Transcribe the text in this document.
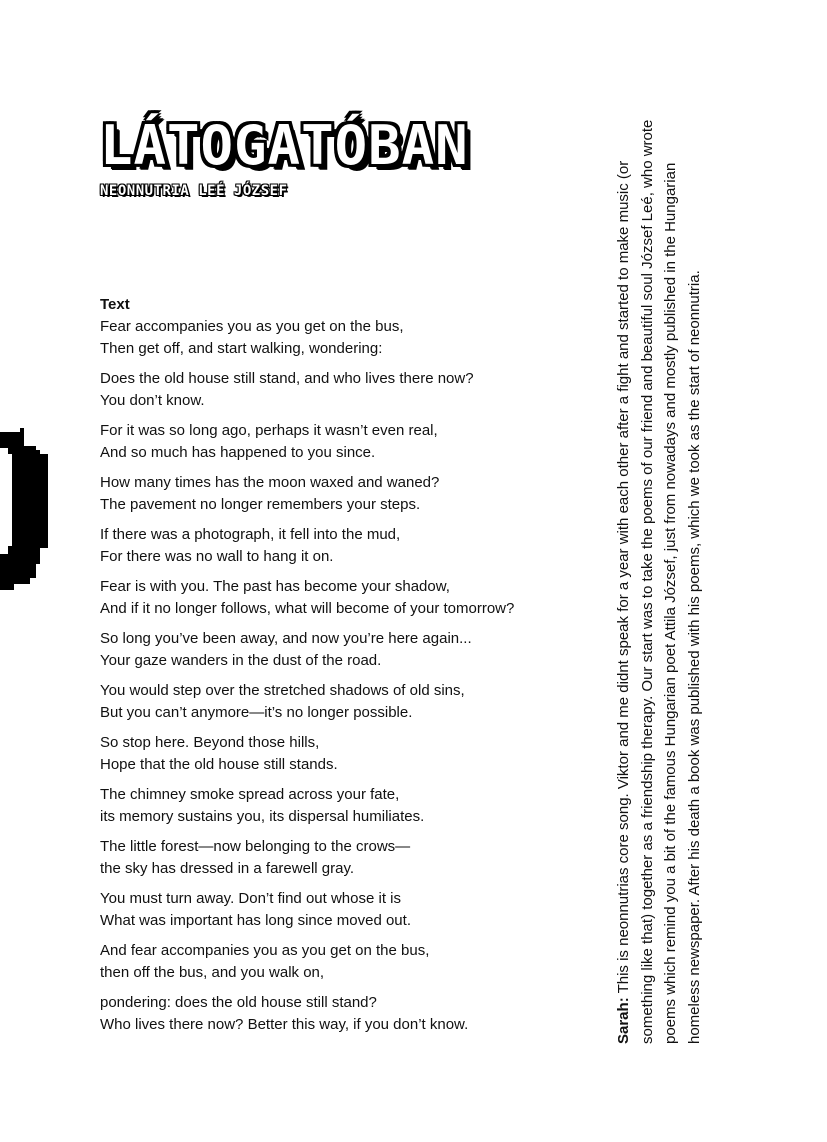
LÁTOGATÓBAN
NEONNUTRIA LEÉ JÓZSEF
Text
Fear accompanies you as you get on the bus,
Then get off, and start walking, wondering:
Does the old house still stand, and who lives there now?
You don’t know.
For it was so long ago, perhaps it wasn’t even real,
And so much has happened to you since.
How many times has the moon waxed and waned?
The pavement no longer remembers your steps.
If there was a photograph, it fell into the mud,
For there was no wall to hang it on.
Fear is with you. The past has become your shadow,
And if it no longer follows, what will become of your tomorrow?
So long you’ve been away, and now you’re here again...
Your gaze wanders in the dust of the road.
You would step over the stretched shadows of old sins,
But you can’t anymore—it’s no longer possible.
So stop here. Beyond those hills,
Hope that the old house still stands.
The chimney smoke spread across your fate,
its memory sustains you, its dispersal humiliates.
The little forest—now belonging to the crows—
the sky has dressed in a farewell gray.
You must turn away. Don’t find out whose it is
What was important has long since moved out.
And fear accompanies you as you get on the bus,
then off the bus, and you walk on,
pondering: does the old house still stand?
Who lives there now? Better this way, if you don’t know.	Sarah: This is neonnutrias core song. Viktor and me didnt speak for a year with each other after a fight and started to make music (or something like that) together as a friendship therapy. Our start was to take the poems of our friend and beautiful soul József Leé, who wrote poems which remind you a bit of the famous Hungarian poet Attila József, just from nowadays and mostly published in the Hungarian homeless newspaper. After his death a book was published with his poems, which we took as the start of neonnutria.
